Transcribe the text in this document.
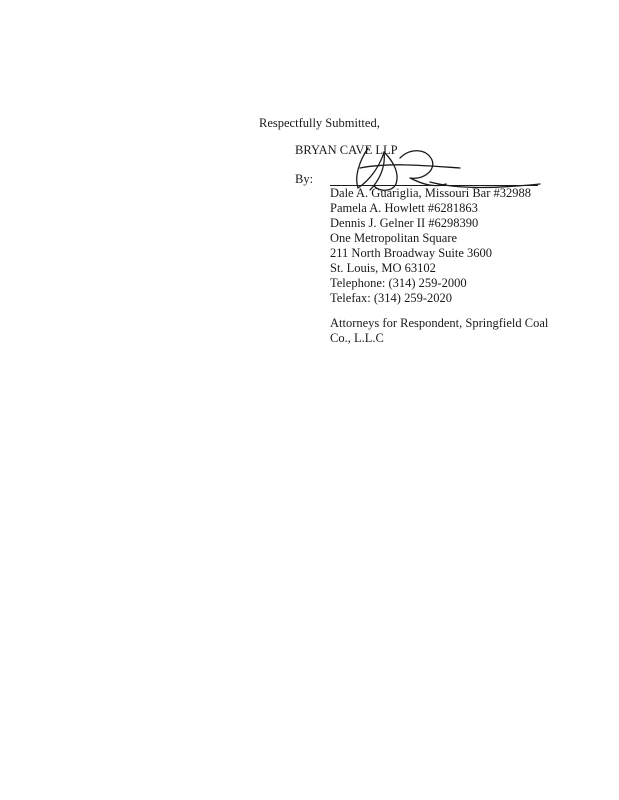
Respectfully Submitted,
BRYAN CAVE LLP
By:
Dale A. Guariglia, Missouri Bar #32988
Pamela A. Howlett #6281863
Dennis J. Gelner II #6298390
One Metropolitan Square
211 North Broadway Suite 3600
St. Louis, MO 63102
Telephone: (314) 259-2000
Telefax: (314) 259-2020
Attorneys for Respondent, Springfield Coal Co., L.L.C
